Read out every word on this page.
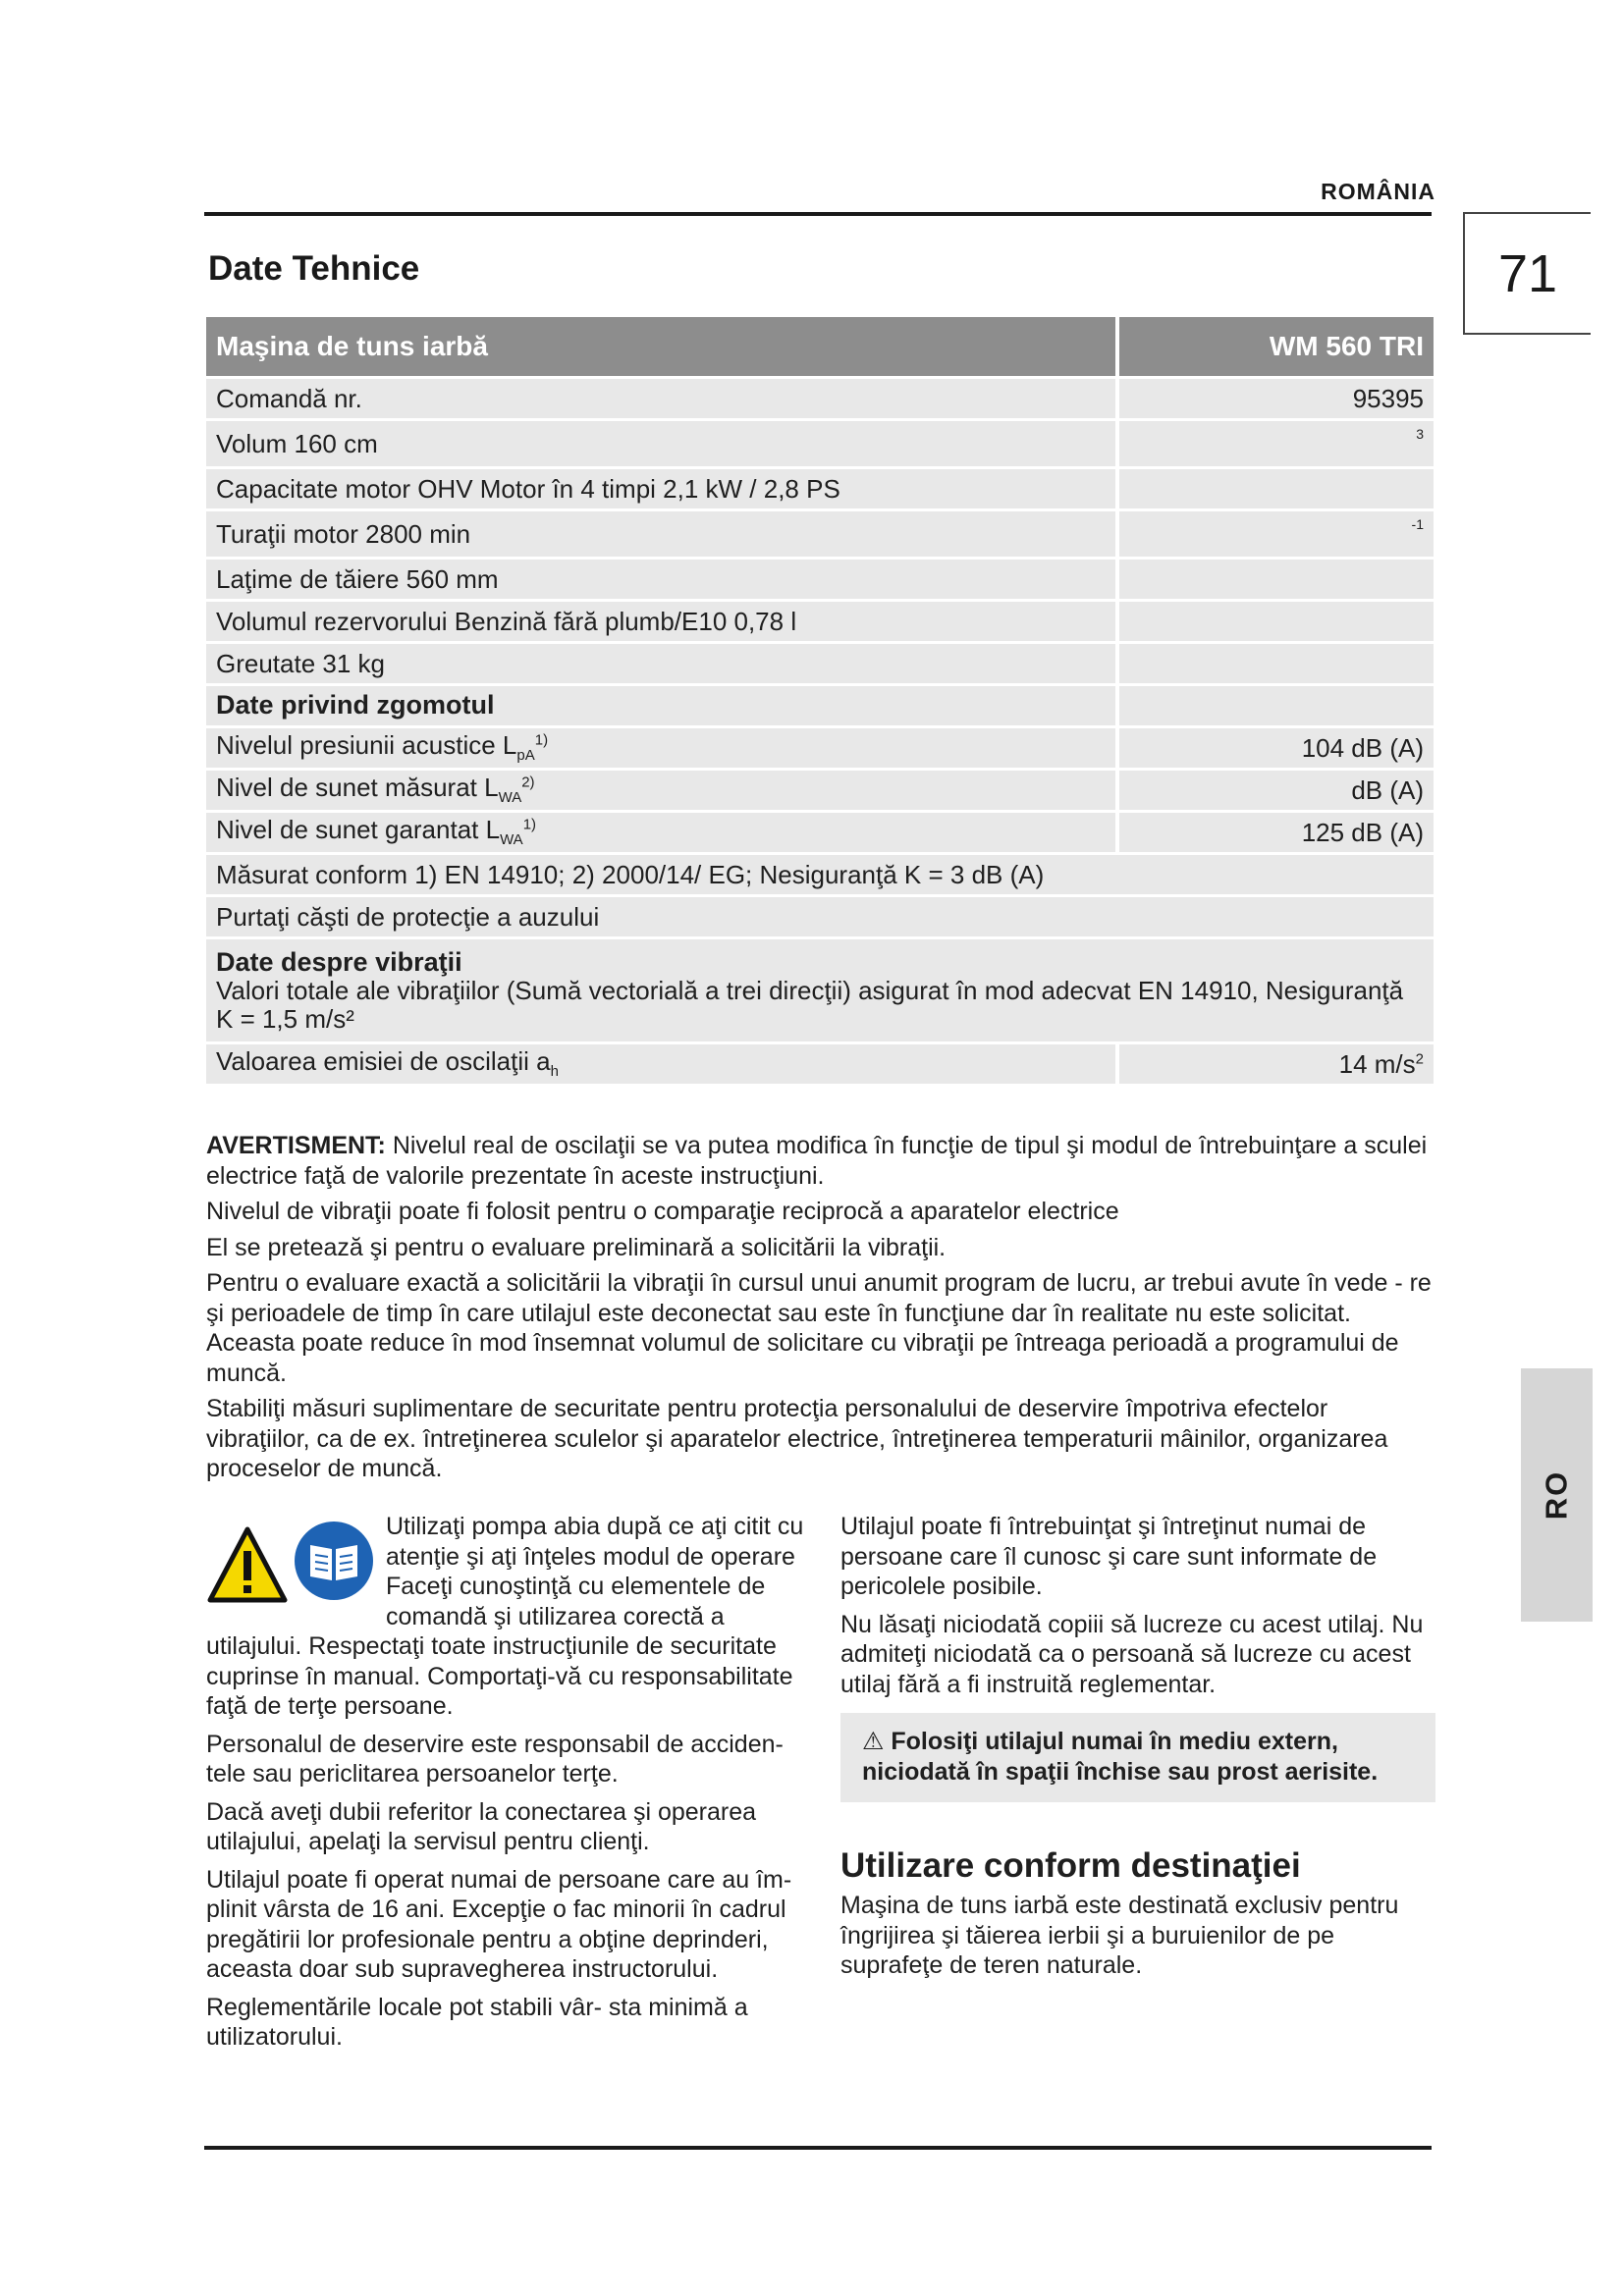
ROMÂNIA
71
RO
Date Tehnice
Maşina de tuns iarbă	WM 560 TRI
Comandă nr.	95395
Volum 160 cm	3
Capacitate motor OHV Motor în 4 timpi 2,1 kW / 2,8 PS	
Turaţii motor 2800 min	-1
Laţime de tăiere 560 mm	
Volumul rezervorului Benzină fără plumb/E10 0,78 l	
Greutate 31 kg	
Date privind zgomotul	
Nivelul presiunii acustice $L_{pA}^{1)}$	104 dB (A)
Nivel de sunet măsurat $L_{WA}^{2)}$	dB (A)
Nivel de sunet garantat $L_{WA}^{1)}$	125 dB (A)
Măsurat conform 1) EN 14910; 2) 2000/14/ EG; Nesiguranţă K = 3 dB (A)	
Purtaţi căşti de protecţie a auzului	

Date despre vibraţii
Valori totale ale vibraţiilor (Sumă vectorială a trei direcţii) asigurat în mod adecvat EN 14910, Nesiguranţă K = 1,5 m/s²	

Valoarea emisiei de oscilaţii $a_h$	14 $m/s^2$

AVERTISMENT: Nivelul real de oscilaţii se va putea modifica în funcţie de tipul şi modul de întrebuinţare a sculei electrice faţă de valorile prezentate în aceste instrucţiuni.

Nivelul de vibraţii poate fi folosit pentru o comparaţie reciprocă a aparatelor electrice

El se pretează şi pentru o evaluare preliminară a solicitării la vibraţii.

Pentru o evaluare exactă a solicitării la vibraţii în cursul unui anumit program de lucru, ar trebui avute în vede - re şi perioadele de timp în care utilajul este deconectat sau este în funcţiune dar în realitate nu este solicitat. Aceasta poate reduce în mod însemnat volumul de solicitare cu vibraţii pe întreaga perioadă a programului de muncă.

Stabiliţi măsuri suplimentare de securitate pentru protecţia personalului de deservire împotriva efectelor vibraţiilor, ca de ex. întreţinerea sculelor şi aparatelor electrice, întreţinerea temperaturii mâinilor, organizarea proceselor de muncă.

Utilizaţi pompa abia după ce aţi citit cu atenţie şi aţi înţeles modul de operare Faceţi cunoştinţă cu elementele de comandă şi utilizarea corectă a utilajului. Respectaţi toate instrucţiunile de securitate cuprinse în manual. Comportaţi-vă cu responsabilitate faţă de terţe persoane.

Personalul de deservire este responsabil de acciden- tele sau periclitarea persoanelor terţe.

Dacă aveţi dubii referitor la conectarea şi operarea utilajului, apelaţi la servisul pentru clienţi.

Utilajul poate fi operat numai de persoane care au îm- plinit vârsta de 16 ani. Excepţie o fac minorii în cadrul pregătirii lor profesionale pentru a obţine deprinderi, aceasta doar sub supravegherea instructorului.

Reglementările locale pot stabili vâr- sta minimă a utilizatorului.

Utilajul poate fi întrebuinţat şi întreţinut numai de persoane care îl cunosc şi care sunt informate de pericolele posibile.

Nu lăsaţi niciodată copiii să lucreze cu acest utilaj. Nu admiteţi niciodată ca o persoană să lucreze cu acest utilaj fără a fi instruită reglementar.

⚠ Folosiţi utilajul numai în mediu extern, niciodată în spaţii închise sau prost aerisite.
Utilizare conform destinaţiei

Maşina de tuns iarbă este destinată exclusiv pentru îngrijirea şi tăierea ierbii şi a buruienilor de pe suprafeţe de teren naturale.
